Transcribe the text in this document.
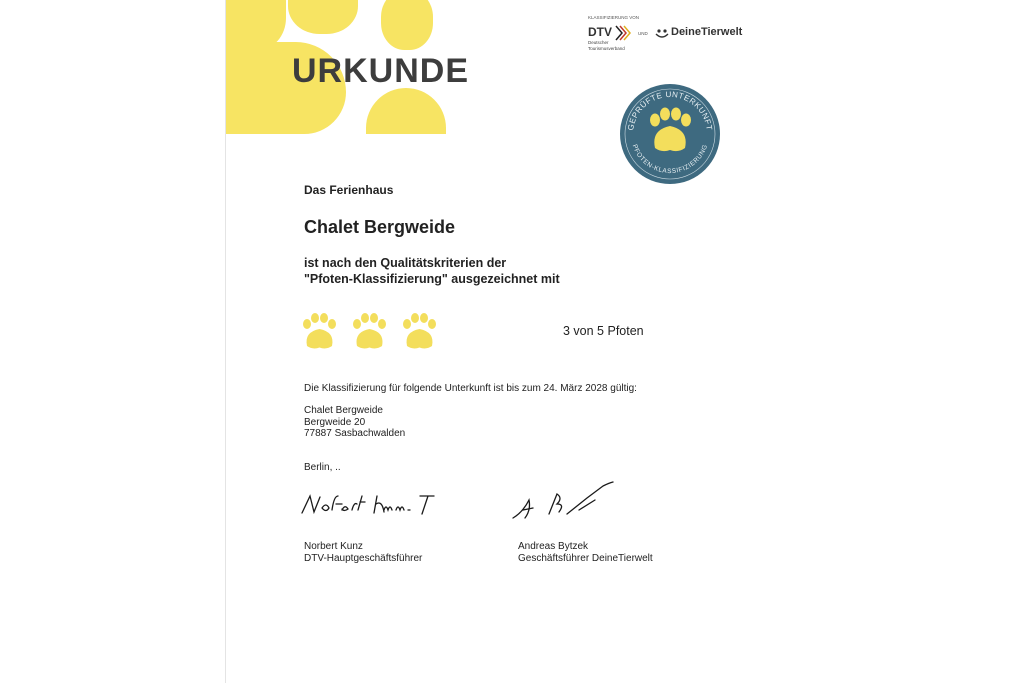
URKUNDE
KLASSIFIZIERUNG VON
DTV
Deutscher
Tourismusverband
UND DeineTierwelt
GEPRÜFTE UNTERKUNFT
PFOTEN-KLASSIFIZIERUNG
Das Ferienhaus
Chalet Bergweide
ist nach den Qualitätskriterien der
"Pfoten-Klassifizierung" ausgezeichnet mit
3 von 5 Pfoten
Die Klassifizierung für folgende Unterkunft ist bis zum 24. März 2028 gültig:
Chalet Bergweide
Bergweide 20
77887 Sasbachwalden
Berlin, ..
Norbert Kunz
DTV-Hauptgeschäftsführer
Andreas Bytzek
Geschäftsführer DeineTierwelt
